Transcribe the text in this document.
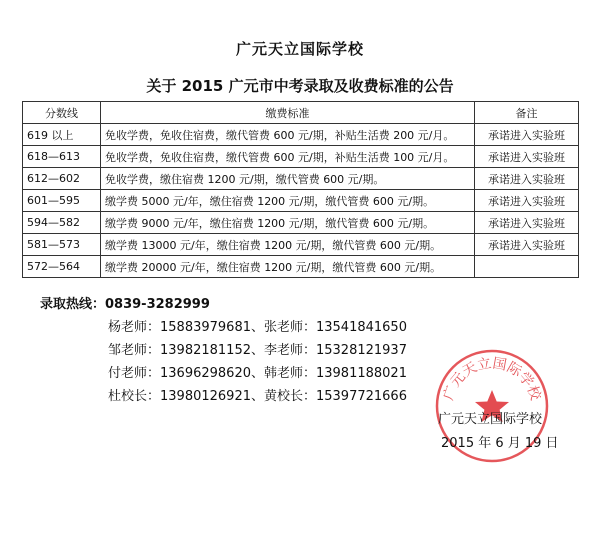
广元天立国际学校
关于 2015 广元市中考录取及收费标准的公告
分数线	缴费标准	备注
619 以上	免收学费，免收住宿费，缴代管费 600 元/期，补贴生活费 200 元/月。	承诺进入实验班
618—613	免收学费，免收住宿费，缴代管费 600 元/期，补贴生活费 100 元/月。	承诺进入实验班
612—602	免收学费，缴住宿费 1200 元/期，缴代管费 600 元/期。	承诺进入实验班
601—595	缴学费 5000 元/年，缴住宿费 1200 元/期，缴代管费 600 元/期。	承诺进入实验班
594—582	缴学费 9000 元/年，缴住宿费 1200 元/期，缴代管费 600 元/期。	承诺进入实验班
581—573	缴学费 13000 元/年，缴住宿费 1200 元/期，缴代管费 600 元/期。	承诺进入实验班
572—564	缴学费 20000 元/年，缴住宿费 1200 元/期，缴代管费 600 元/期。	
录取热线：0839-3282999
杨老师：15883979681、张老师：13541841650
邹老师：13982181152、李老师：15328121937
付老师：13696298620、韩老师：13981188021
杜校长：13980126921、黄校长：15397721666 广元天立国际学校
广元天立国际学校
2015 年 6 月 19 日
